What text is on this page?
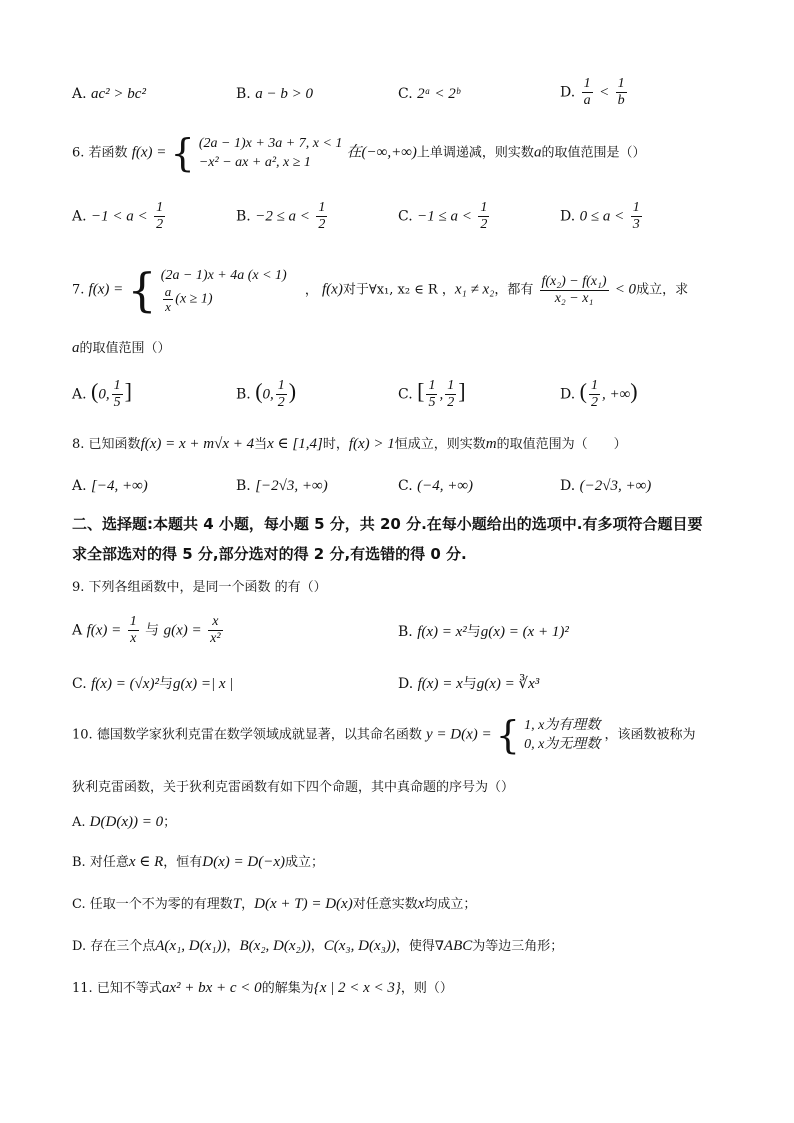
A. ac² > bc²	B. a − b > 0	C. 2ᵃ < 2ᵇ	D. $\frac{1}{a} < \frac{1}{b}$
6. 若函数 f(x) = { (2a − 1)x + 3a + 7, x < 1
−x² − ax + a², x ≥ 1
在(−∞,+∞)上单调递减，则实数a的取值范围是（）
A. $-1 < a < \frac{1}{2}$	B. $-2 \le a < \frac{1}{2}$	C. $-1 \le a < \frac{1}{2}$	D. $0 \le a < \frac{1}{3}$
7. f(x) = { (2a − 1)x + 4a (x < 1)
$\frac{a}{x} (x \ge 1)$
， f(x)对于∀x₁, x₂ ∈ R ，x₁ ≠ x₂，都有 $\frac{\text{f(x₂) − f(x₁)}}{\text{x₂ − x₁}} < 0$成立，求
a的取值范围（）
A. (0, $\frac{1}{5}$ ]	B. (0, $\frac{1}{2}$ )	C. [ $\frac{1}{5}$ , $\frac{1}{2}$ ]	D. ( $\frac{1}{2}$ , +∞)
8. 已知函数f(x) = x + m√x + 4当x ∈ [1,4]时，f(x) > 1恒成立，则实数m的取值范围为（　　）
A. [−4, +∞)	B. [−2√3, +∞)	C. (−4, +∞)	D. (−2√3, +∞)
二、选择题:本题共 4 小题，每小题 5 分，共 20 分.在每小题给出的选项中.有多项符合题目要
求全部选对的得 5 分,部分选对的得 2 分,有选错的得 0 分.
9. 下列各组函数中，是同一个函数 的有（）
A $f(x) = \frac{1}{x}$ 与 $g(x) = \frac{x}{\text{x²}}$	B. f(x) = x²与g(x) = (x + 1)²
C. f(x) = (√x)²与g(x) =| x |	D. f(x) = x与g(x) = ∛x³
10. 德国数学家狄利克雷在数学领域成就显著，以其命名函数 y = D(x) = { 1, x为有理数
0, x为无理数
，该函数被称为
狄利克雷函数，关于狄利克雷函数有如下四个命题，其中真命题的序号为（）
A. D(D(x)) = 0；
B. 对任意x ∈ R，恒有D(x) = D(−x)成立；
C. 任取一个不为零的有理数T，D(x + T) = D(x)对任意实数x均成立；
D. 存在三个点A(x₁, D(x₁))，B(x₂, D(x₂))，C(x₃, D(x₃))，使得∇ABC为等边三角形；
11. 已知不等式ax² + bx + c < 0的解集为{x | 2 < x < 3}，则（）
